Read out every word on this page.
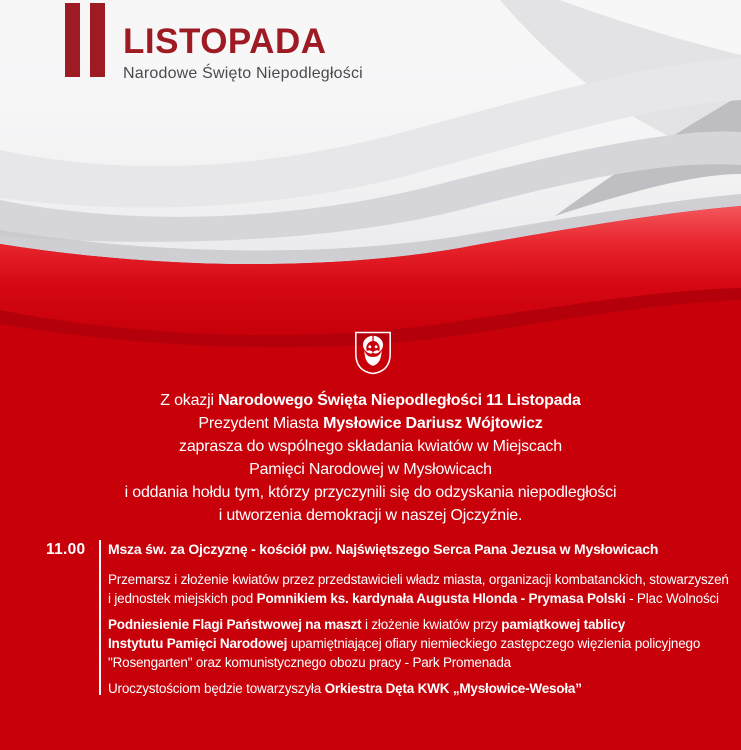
LISTOPADA
Narodowe Święto Niepodległości
Z okazji Narodowego Święta Niepodległości 11 Listopada
Prezydent Miasta Mysłowice Dariusz Wójtowicz
zaprasza do wspólnego składania kwiatów w Miejscach
Pamięci Narodowej w Mysłowicach
i oddania hołdu tym, którzy przyczynili się do odzyskania niepodległości
i utworzenia demokracji w naszej Ojczyźnie.
11.00 Msza św. za Ojczyznę - kościół pw. Najświętszego Serca Pana Jezusa w Mysłowicach

Przemarsz i złożenie kwiatów przez przedstawicieli władz miasta, organizacji kombatanckich, stowarzyszeń
i jednostek miejskich pod Pomnikiem ks. kardynała Augusta Hlonda - Prymasa Polski - Plac Wolności

Podniesienie Flagi Państwowej na maszt i złożenie kwiatów przy pamiątkowej tablicy
Instytutu Pamięci Narodowej upamiętniającej ofiary niemieckiego zastępczego więzienia policyjnego
"Rosengarten" oraz komunistycznego obozu pracy - Park Promenada

Uroczystościom będzie towarzyszyła Orkiestra Dęta KWK „Mysłowice-Wesoła”
